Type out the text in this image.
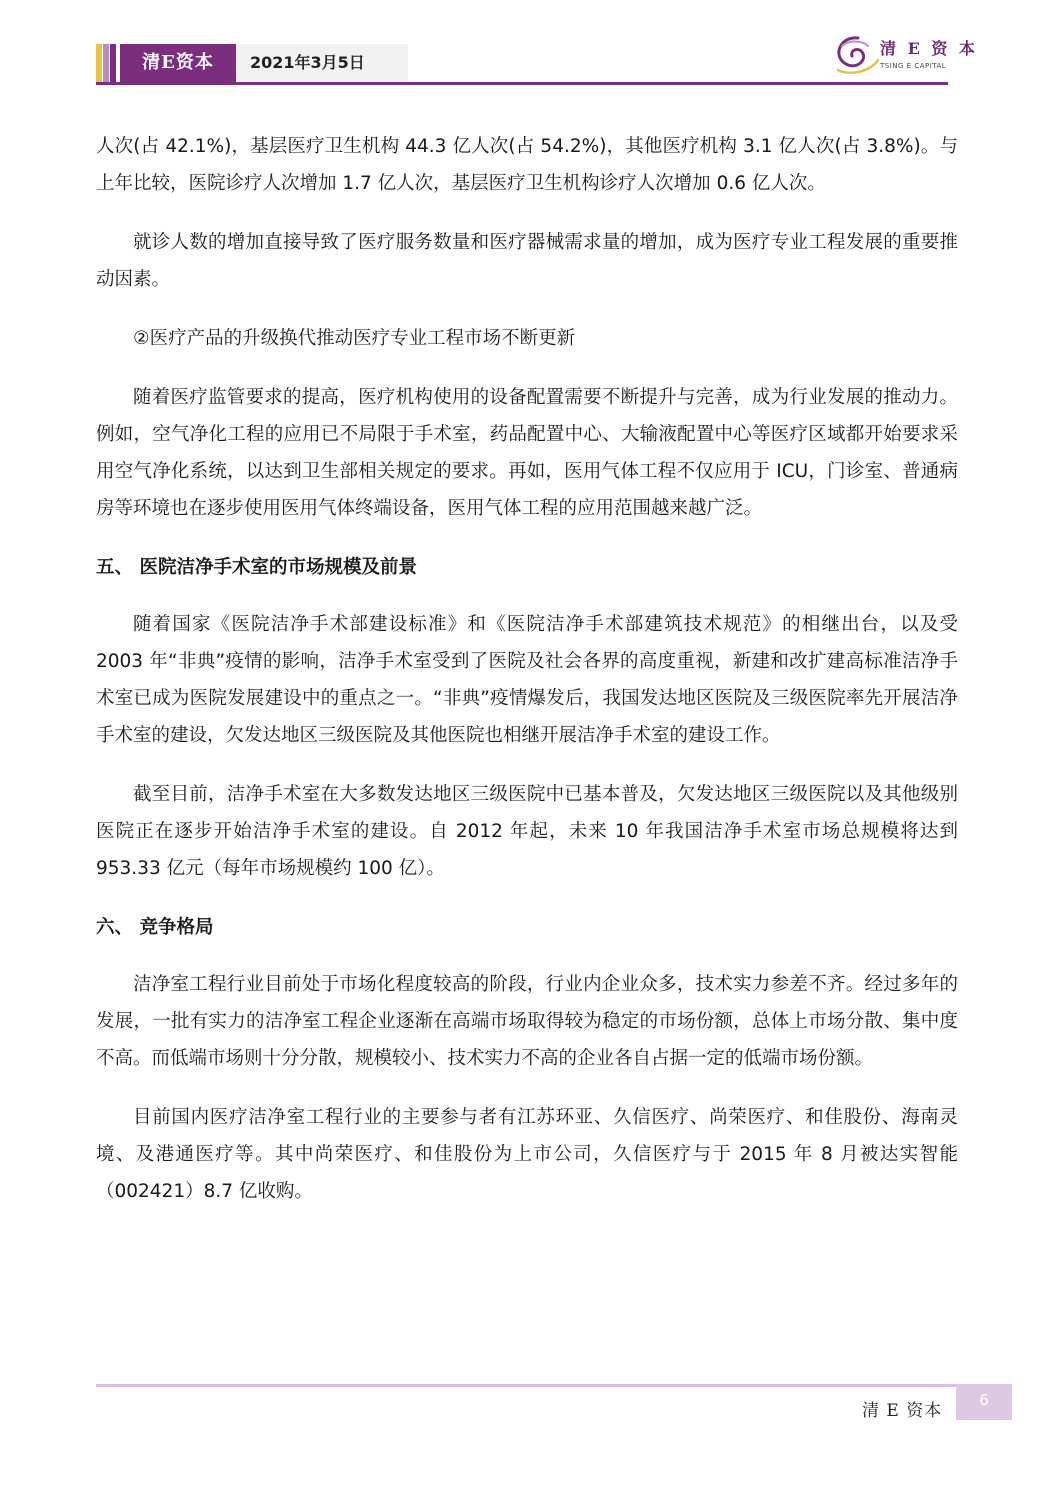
清E资本	2021年3月5日
清 E 资 本
TSING E CAPITAL

人次(占 42.1%)，基层医疗卫生机构 44.3 亿人次(占 54.2%)，其他医疗机构 3.1 亿人次(占 3.8%)。与上年比较，医院诊疗人次增加 1.7 亿人次，基层医疗卫生机构诊疗人次增加 0.6 亿人次。

就诊人数的增加直接导致了医疗服务数量和医疗器械需求量的增加，成为医疗专业工程发展的重要推动因素。

②医疗产品的升级换代推动医疗专业工程市场不断更新

随着医疗监管要求的提高，医疗机构使用的设备配置需要不断提升与完善，成为行业发展的推动力。例如，空气净化工程的应用已不局限于手术室，药品配置中心、大输液配置中心等医疗区域都开始要求采用空气净化系统，以达到卫生部相关规定的要求。再如，医用气体工程不仅应用于 ICU，门诊室、普通病房等环境也在逐步使用医用气体终端设备，医用气体工程的应用范围越来越广泛。

五、 医院洁净手术室的市场规模及前景

随着国家《医院洁净手术部建设标准》和《医院洁净手术部建筑技术规范》的相继出台，以及受 2003 年“非典”疫情的影响，洁净手术室受到了医院及社会各界的高度重视，新建和改扩建高标准洁净手术室已成为医院发展建设中的重点之一。“非典”疫情爆发后，我国发达地区医院及三级医院率先开展洁净手术室的建设，欠发达地区三级医院及其他医院也相继开展洁净手术室的建设工作。

截至目前，洁净手术室在大多数发达地区三级医院中已基本普及，欠发达地区三级医院以及其他级别医院正在逐步开始洁净手术室的建设。自 2012 年起，未来 10 年我国洁净手术室市场总规模将达到 953.33 亿元（每年市场规模约 100 亿）。

六、 竞争格局

洁净室工程行业目前处于市场化程度较高的阶段，行业内企业众多，技术实力参差不齐。经过多年的发展，一批有实力的洁净室工程企业逐渐在高端市场取得较为稳定的市场份额，总体上市场分散、集中度不高。而低端市场则十分分散，规模较小、技术实力不高的企业各自占据一定的低端市场份额。

目前国内医疗洁净室工程行业的主要参与者有江苏环亚、久信医疗、尚荣医疗、和佳股份、海南灵境、及港通医疗等。其中尚荣医疗、和佳股份为上市公司，久信医疗与于 2015 年 8 月被达实智能（002421）8.7 亿收购。

清 E 资本
6
